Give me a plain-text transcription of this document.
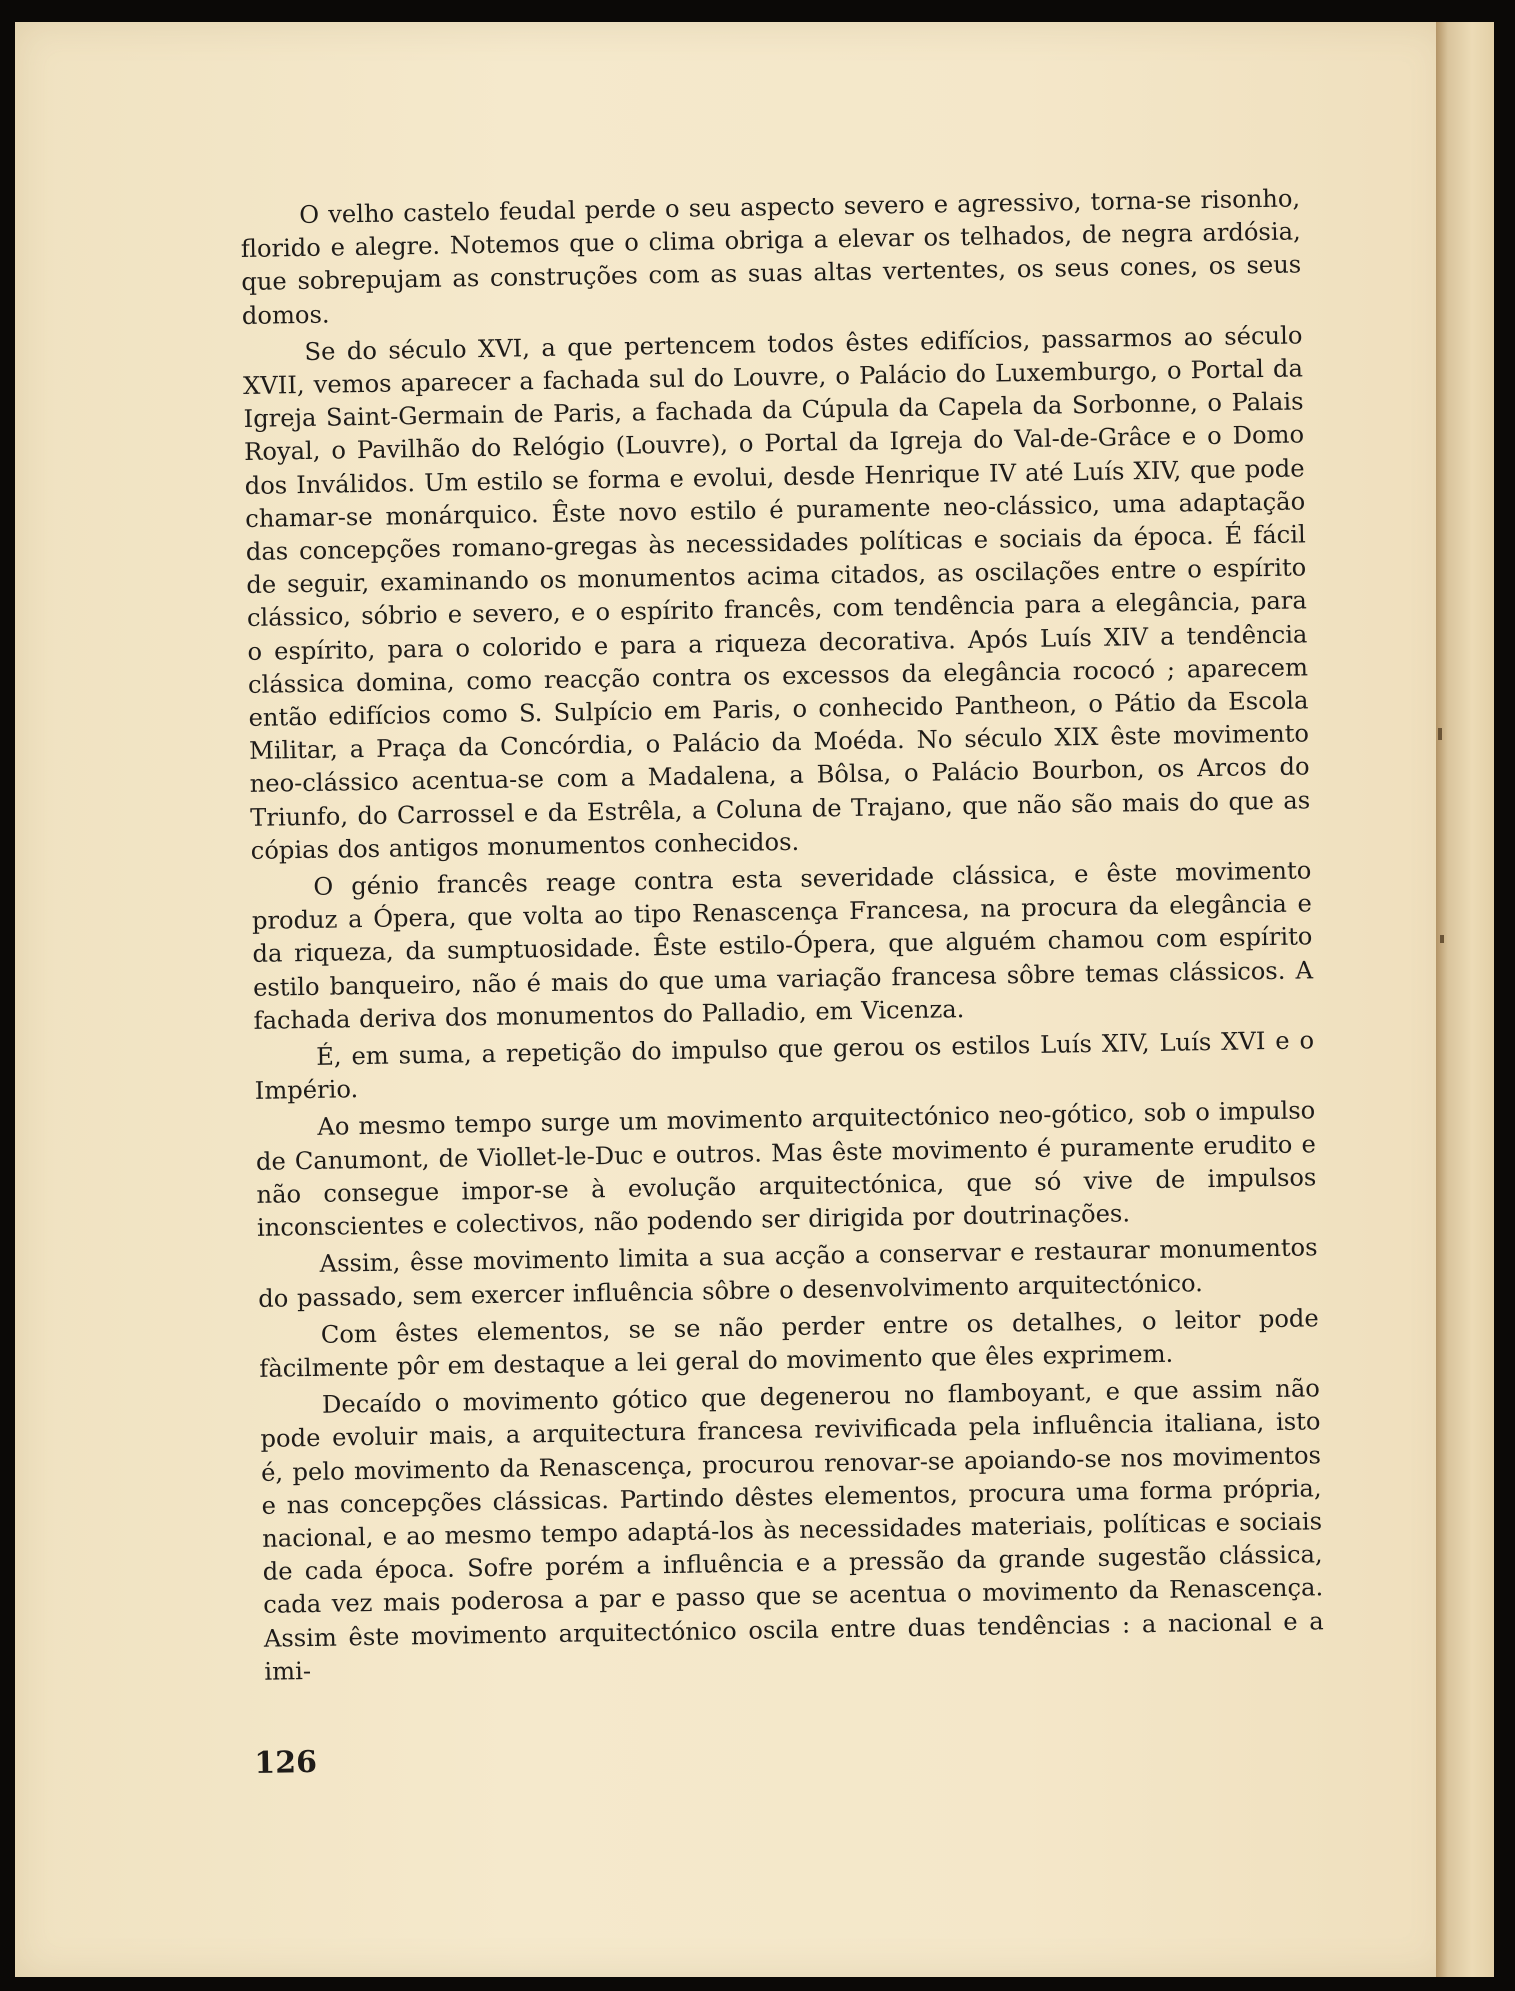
O velho castelo feudal perde o seu aspecto severo e agressivo, torna-se risonho, florido e alegre. Notemos que o clima obriga a elevar os telhados, de negra ardósia, que sobrepujam as construções com as suas altas vertentes, os seus cones, os seus domos.

Se do século XVI, a que pertencem todos êstes edifícios, passarmos ao século XVII, vemos aparecer a fachada sul do Louvre, o Palácio do Luxemburgo, o Portal da Igreja Saint-Germain de Paris, a fachada da Cúpula da Capela da Sorbonne, o Palais Royal, o Pavilhão do Relógio (Louvre), o Portal da Igreja do Val-de-Grâce e o Domo dos Inválidos. Um estilo se forma e evolui, desde Henrique IV até Luís XIV, que pode chamar-se monárquico. Êste novo estilo é puramente neo-clássico, uma adaptação das concepções romano-gregas às necessidades políticas e sociais da época. É fácil de seguir, examinando os monumentos acima citados, as oscilações entre o espírito clássico, sóbrio e severo, e o espírito francês, com tendência para a elegância, para o espírito, para o colorido e para a riqueza decorativa. Após Luís XIV a tendência clássica domina, como reacção contra os excessos da elegância rococó ; aparecem então edifícios como S. Sulpício em Paris, o conhecido Pantheon, o Pátio da Escola Militar, a Praça da Concórdia, o Palácio da Moéda. No século XIX êste movimento neo-clássico acentua-se com a Madalena, a Bôlsa, o Palácio Bourbon, os Arcos do Triunfo, do Carrossel e da Estrêla, a Coluna de Trajano, que não são mais do que as cópias dos antigos monumentos conhecidos.

O génio francês reage contra esta severidade clássica, e êste movimento produz a Ópera, que volta ao tipo Renascença Francesa, na procura da elegância e da riqueza, da sumptuosidade. Êste estilo-Ópera, que alguém chamou com espírito estilo banqueiro, não é mais do que uma variação francesa sôbre temas clássicos. A fachada deriva dos monumentos do Palladio, em Vicenza.

É, em suma, a repetição do impulso que gerou os estilos Luís XIV, Luís XVI e o Império.

Ao mesmo tempo surge um movimento arquitectónico neo-gótico, sob o impulso de Canumont, de Viollet-le-Duc e outros. Mas êste movimento é puramente erudito e não consegue impor-se à evolução arquitectónica, que só vive de impulsos inconscientes e colectivos, não podendo ser dirigida por doutrinações.

Assim, êsse movimento limita a sua acção a conservar e restaurar monumentos do passado, sem exercer influência sôbre o desenvolvimento arquitectónico.

Com êstes elementos, se se não perder entre os detalhes, o leitor pode fàcilmente pôr em destaque a lei geral do movimento que êles exprimem.

Decaído o movimento gótico que degenerou no flamboyant, e que assim não pode evoluir mais, a arquitectura francesa revivificada pela influência italiana, isto é, pelo movimento da Renascença, procurou renovar-se apoiando-se nos movimentos e nas concepções clássicas. Partindo dêstes elementos, procura uma forma própria, nacional, e ao mesmo tempo adaptá-los às necessidades materiais, políticas e sociais de cada época. Sofre porém a influência e a pressão da grande sugestão clássica, cada vez mais poderosa a par e passo que se acentua o movimento da Renascença. Assim êste movimento arquitectónico oscila entre duas tendências : a nacional e a imi-

126
